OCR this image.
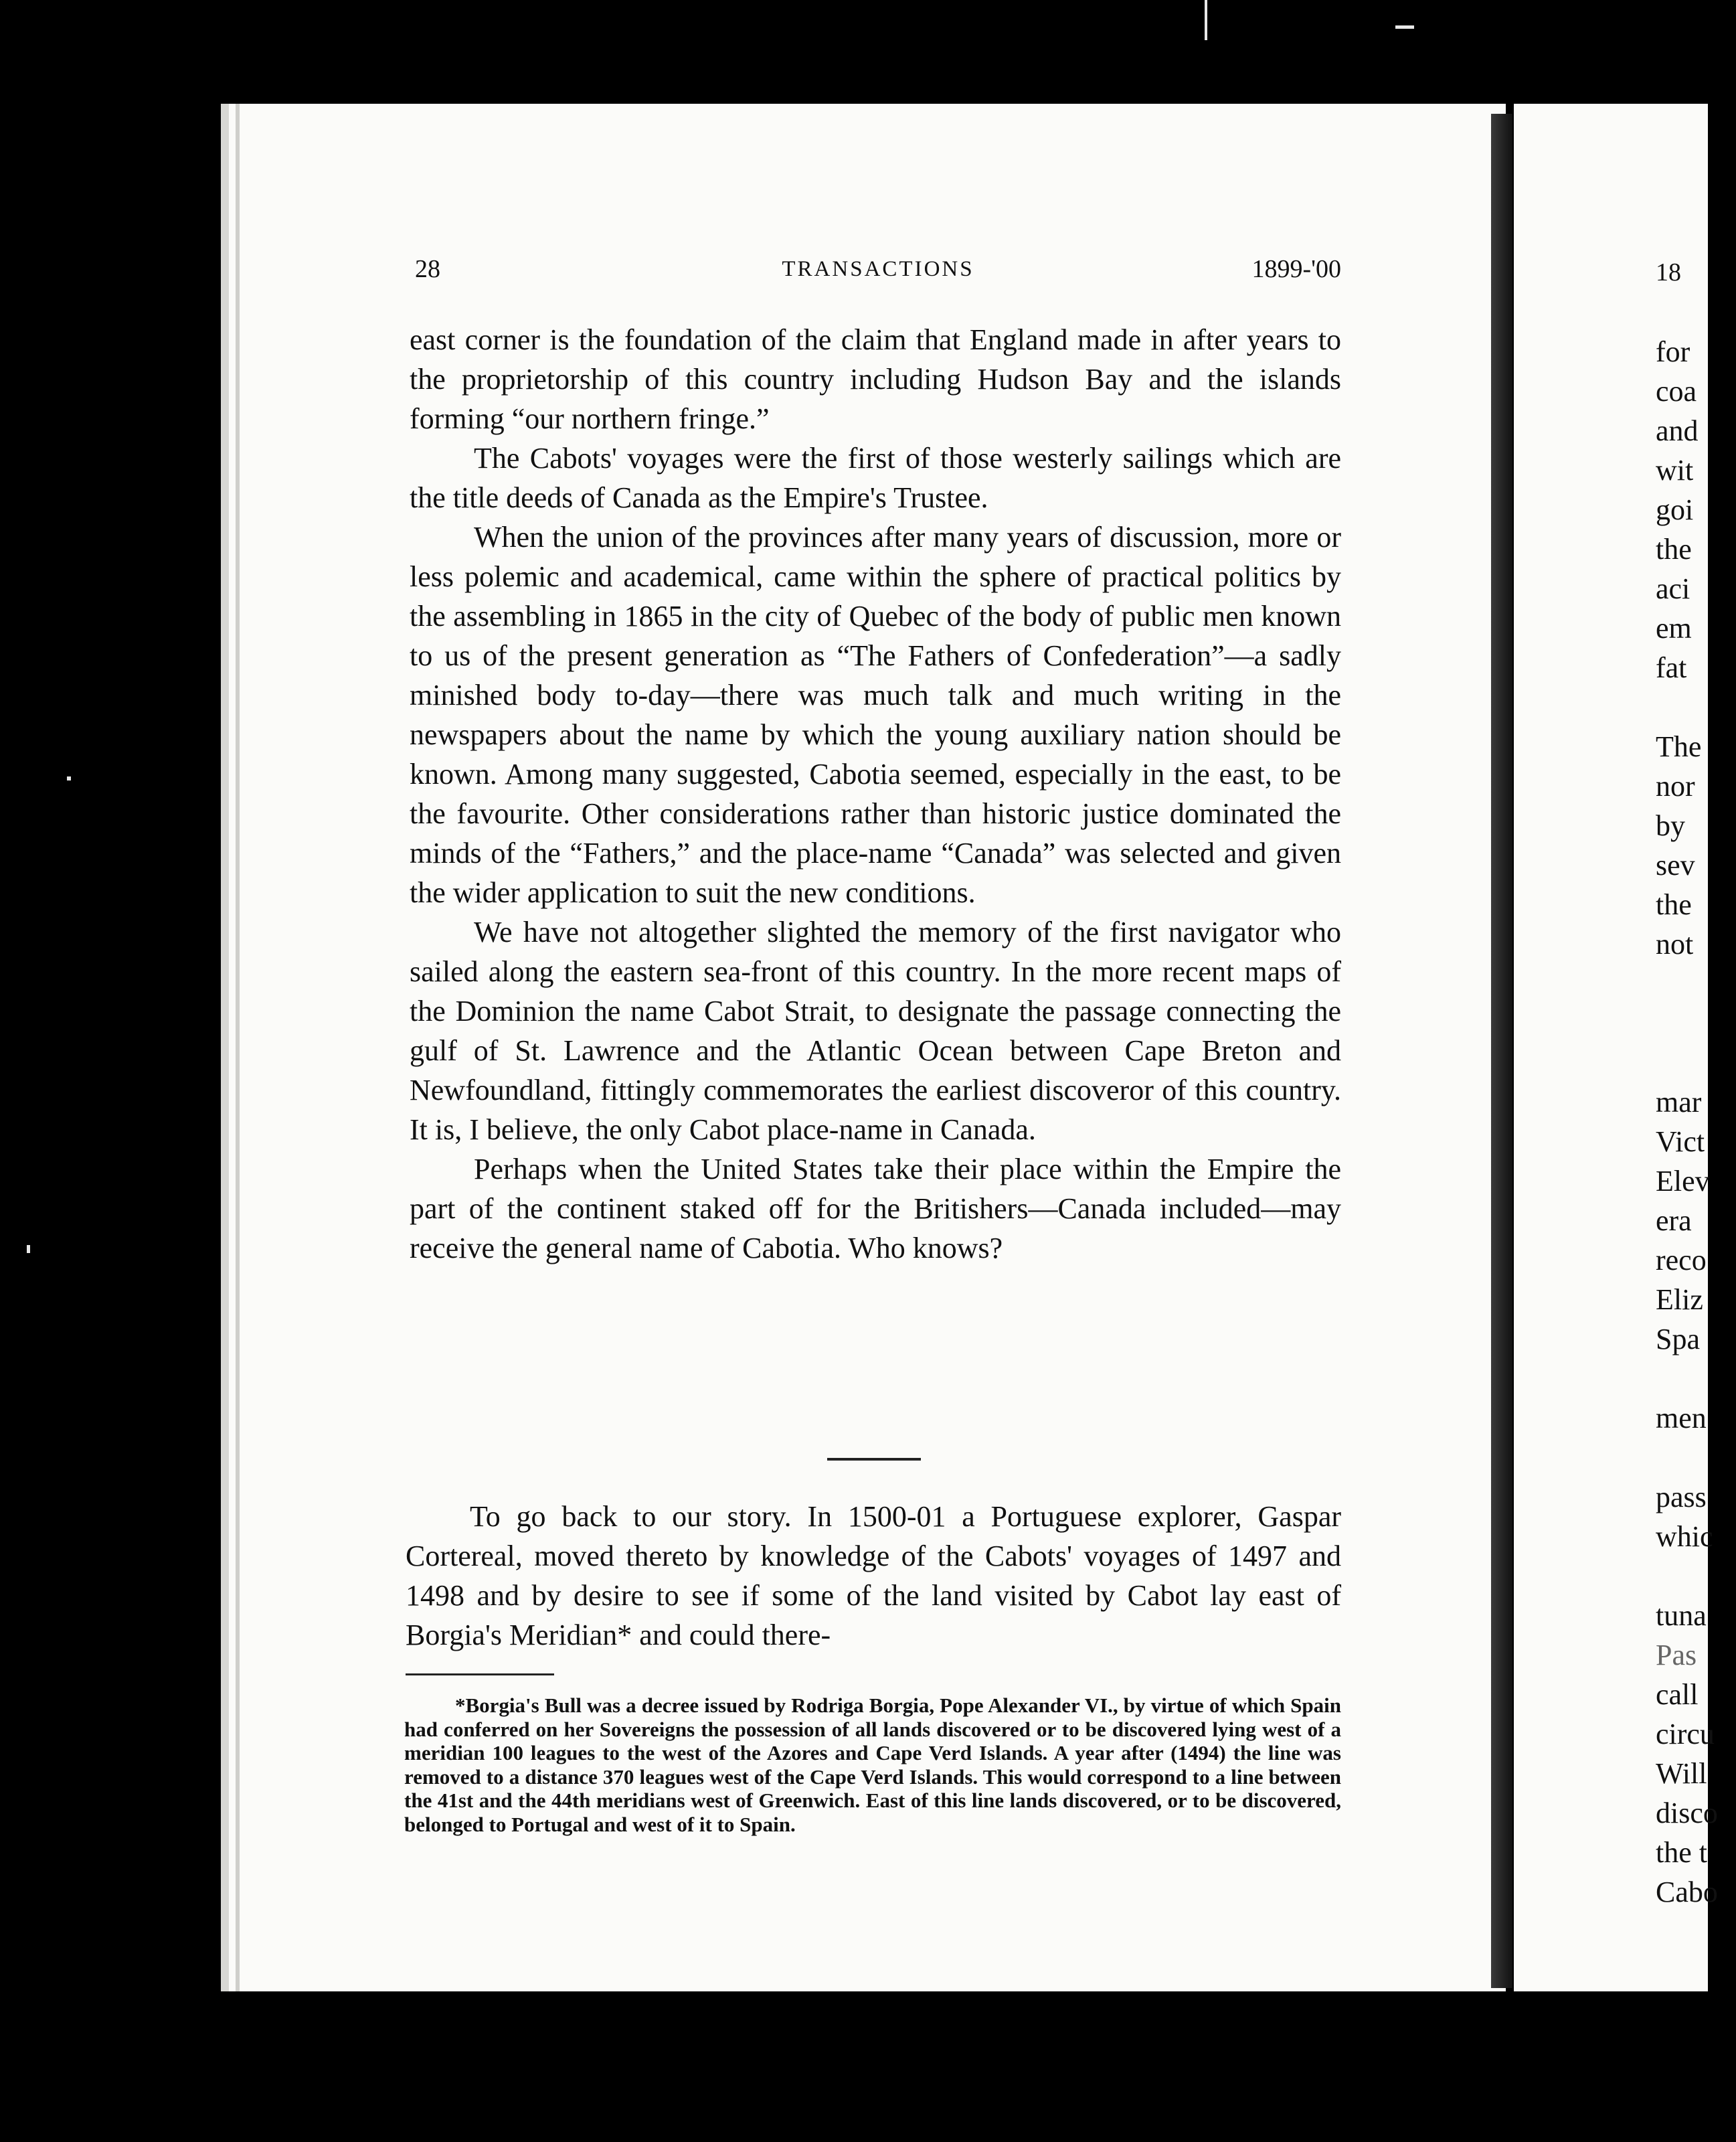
28	TRANSACTIONS	1899-'00

east corner is the foundation of the claim that England made in after years to the proprietorship of this country including Hudson Bay and the islands forming “our northern fringe.”

The Cabots' voyages were the first of those westerly sailings which are the title deeds of Canada as the Empire's Trustee.

When the union of the provinces after many years of discussion, more or less polemic and academical, came within the sphere of practical politics by the assembling in 1865 in the city of Quebec of the body of public men known to us of the present generation as “The Fathers of Confederation”—a sadly minished body to-day—there was much talk and much writing in the newspapers about the name by which the young auxiliary nation should be known. Among many suggested, Cabotia seemed, especially in the east, to be the favourite. Other considerations rather than historic justice dominated the minds of the “Fathers,” and the place-name “Canada” was selected and given the wider application to suit the new conditions.

We have not altogether slighted the memory of the first navigator who sailed along the eastern sea-front of this country. In the more recent maps of the Dominion the name Cabot Strait, to designate the passage connecting the gulf of St. Lawrence and the Atlantic Ocean between Cape Breton and Newfoundland, fittingly commemorates the earliest discoveror of this country. It is, I believe, the only Cabot place-name in Canada.

Perhaps when the United States take their place within the Empire the part of the continent staked off for the Britishers—Canada included—may receive the general name of Cabotia. Who knows?

To go back to our story. In 1500-01 a Portuguese explorer, Gaspar Cortereal, moved thereto by knowledge of the Cabots' voyages of 1497 and 1498 and by desire to see if some of the land visited by Cabot lay east of Borgia's Meridian* and could there-

*Borgia's Bull was a decree issued by Rodriga Borgia, Pope Alexander VI., by virtue of which Spain had conferred on her Sovereigns the possession of all lands discovered or to be discovered lying west of a meridian 100 leagues to the west of the Azores and Cape Verd Islands. A year after (1494) the line was removed to a distance 370 leagues west of the Cape Verd Islands. This would correspond to a line between the 41st and the 44th meridians west of Greenwich. East of this line lands discovered, or to be discovered, belonged to Portugal and west of it to Spain.

18
for
coa
and
wit
goi
the
aci
em
fat
The
nor
by
sev
the
not
mar
Vict
Elev
era
reco
Eliz
Spa
men
pass
whic
tuna
Pas
call
circu
Will
disco
the t
Cabo
